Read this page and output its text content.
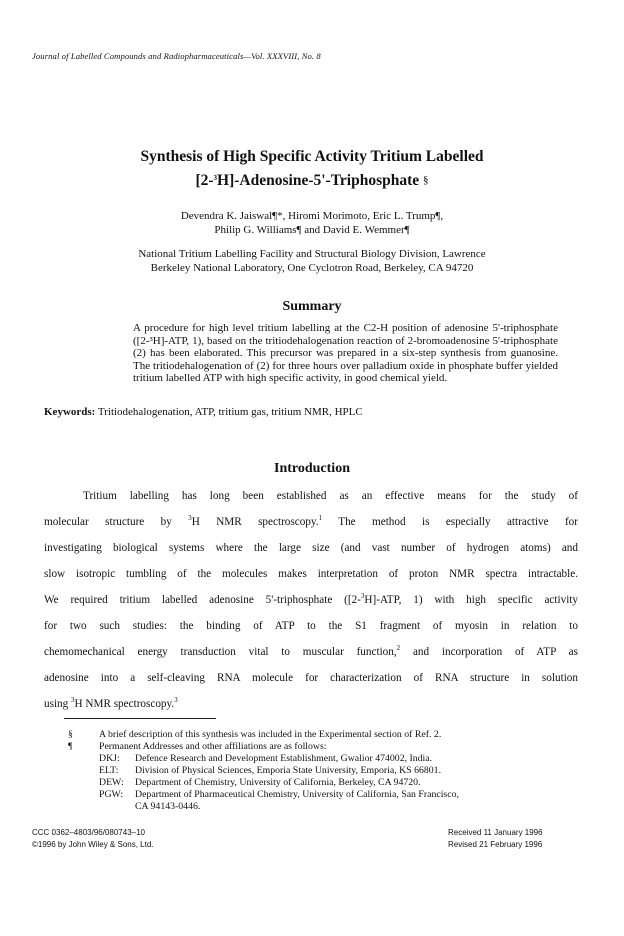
Journal of Labelled Compounds and Radiopharmaceuticals—Vol. XXXVIII, No. 8
Synthesis of High Specific Activity Tritium Labelled
[2-$^3$H]-Adenosine-5'-Triphosphate §
Devendra K. Jaiswal¶*, Hiromi Morimoto, Eric L. Trump¶,
Philip G. Williams¶ and David E. Wemmer¶
National Tritium Labelling Facility and Structural Biology Division, Lawrence
Berkeley National Laboratory, One Cyclotron Road, Berkeley, CA 94720
Summary

A procedure for high level tritium labelling at the C2-H position of adenosine 5'-triphosphate ([2-³H]-ATP, 1), based on the tritiodehalogenation reaction of 2-bromoadenosine 5'-triphosphate (2) has been elaborated. This precursor was prepared in a six-step synthesis from guanosine. The tritiodehalogenation of (2) for three hours over palladium oxide in phosphate buffer yielded tritium labelled ATP with high specific activity, in good chemical yield.

Keywords: Tritiodehalogenation, ATP, tritium gas, tritium NMR, HPLC
Introduction
Tritium labelling has long been established as an effective means for the study of
molecular structure by $^3$H NMR spectroscopy.$^1$ The method is especially attractive for
investigating biological systems where the large size (and vast number of hydrogen atoms) and
slow isotropic tumbling of the molecules makes interpretation of proton NMR spectra intractable.
We required tritium labelled adenosine 5'-triphosphate ([2-$^3$H]-ATP, 1) with high specific activity
for two such studies: the binding of ATP to the S1 fragment of myosin in relation to
chemomechanical energy transduction vital to muscular function,$^2$ and incorporation of ATP as
adenosine into a self-cleaving RNA molecule for characterization of RNA structure in solution
using $^3$H NMR spectroscopy.$^3$
§	A brief description of this synthesis was included in the Experimental section of Ref. 2.
¶	Permanent Addresses and other affiliations are as follows:
DKJ: Defence Research and Development Establishment, Gwalior 474002, India.
ELT:Division of Physical Sciences, Emporia State University, Emporia, KS 66801.
DEW: Department of Chemistry, University of California, Berkeley, CA 94720.
PGW: Department of Pharmaceutical Chemistry, University of California, San Francisco,
CA 94143-0446.
CCC 0362–4803/96/080743–10
©1996 by John Wiley & Sons, Ltd.
Received 11 January 1996
Revised 21 February 1996
